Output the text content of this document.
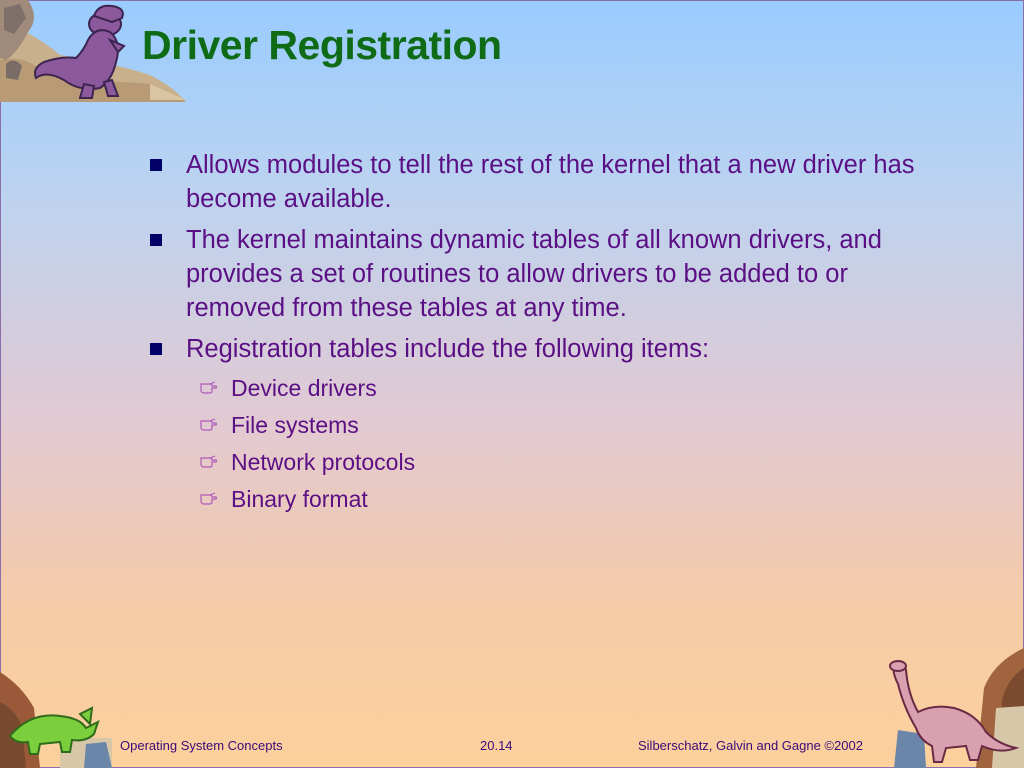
Driver Registration
Allows modules to tell the rest of the kernel that a new driver has become available.
The kernel maintains dynamic tables of all known drivers, and provides a set of routines to allow drivers to be added to or removed from these tables at any time.
Registration tables include the following items:
Device drivers
File systems
Network protocols
Binary format
Operating System Concepts	20.14	Silberschatz, Galvin and Gagne ©2002
